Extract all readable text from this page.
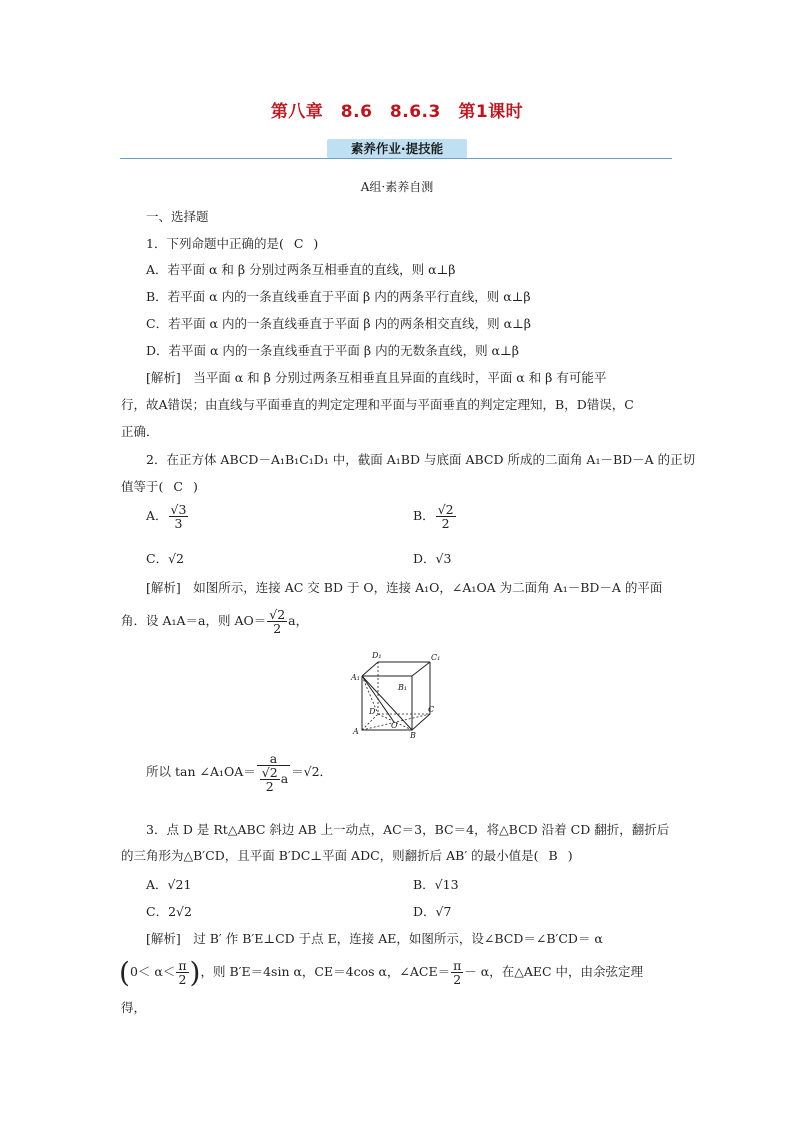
第八章　8.6　8.6.3　第1课时
素养作业·提技能
A组·素养自测
一、选择题
1．下列命题中正确的是( C )
A．若平面 α 和 β 分别过两条互相垂直的直线，则 α⊥β
B．若平面 α 内的一条直线垂直于平面 β 内的两条平行直线，则 α⊥β
C．若平面 α 内的一条直线垂直于平面 β 内的两条相交直线，则 α⊥β
D．若平面 α 内的一条直线垂直于平面 β 内的无数条直线，则 α⊥β
[解析]　当平面 α 和 β 分别过两条互相垂直且异面的直线时，平面 α 和 β 有可能平
行，故A错误；由直线与平面垂直的判定定理和平面与平面垂直的判定定理知，B，D错误，C
正确．
2．在正方体 ABCD－A₁B₁C₁D₁ 中，截面 A₁BD 与底面 ABCD 所成的二面角 A₁－BD－A 的正切
值等于( C )
A． $\frac{√3}{3}$	B． $\frac{√2}{2}$
C．√2	D．√3
[解析]　如图所示，连接 AC 交 BD 于 O，连接 A₁O，∠A₁OA 为二面角 A₁－BD－A 的平面
角．设 A₁A＝a，则 $AO= \frac{√2}{2}$ a，
D₁	C₁
A₁
B₁
D	C
A	B
O
所以 tan ∠A₁OA＝ $\frac{a}{\frac{√2}{2} a} =√2$．
3．点 D 是 Rt△ABC 斜边 AB 上一动点，AC＝3，BC＝4，将△BCD 沿着 CD 翻折，翻折后
的三角形为△B′CD，且平面 B′DC⊥平面 ADC，则翻折后 AB′ 的最小值是( B )
A．√21	B．√13
C．2√2	D．√7
[解析]　过 B′ 作 B′E⊥CD 于点 E，连接 AE，如图所示，设∠BCD＝∠B′CD＝ α
($0< \alpha< \frac{\pi}{2}$ )，则 B′E＝4sin α，CE＝4cos α，∠ACE＝ $\frac{\pi}{2} - \alpha$，在△AEC 中，由余弦定理
得，
